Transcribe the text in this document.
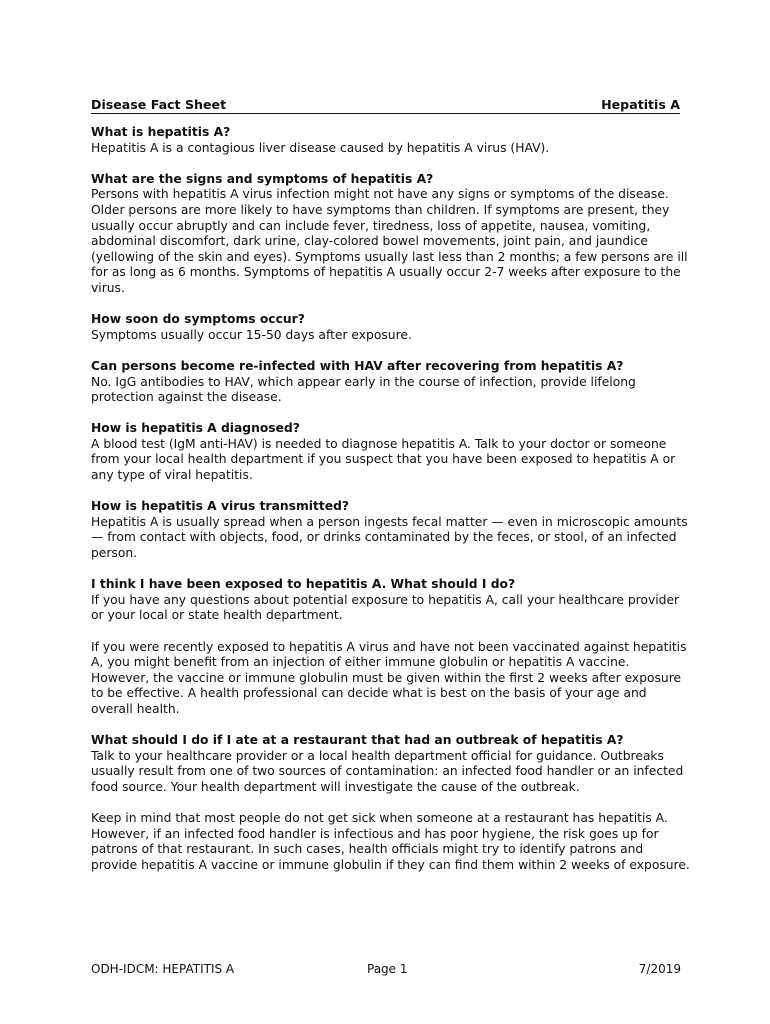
Disease Fact Sheet	Hepatitis A

What is hepatitis A?

Hepatitis A is a contagious liver disease caused by hepatitis A virus (HAV).

What are the signs and symptoms of hepatitis A?

Persons with hepatitis A virus infection might not have any signs or symptoms of the disease. Older persons are more likely to have symptoms than children. If symptoms are present, they usually occur abruptly and can include fever, tiredness, loss of appetite, nausea, vomiting, abdominal discomfort, dark urine, clay-colored bowel movements, joint pain, and jaundice (yellowing of the skin and eyes). Symptoms usually last less than 2 months; a few persons are ill for as long as 6 months. Symptoms of hepatitis A usually occur 2-7 weeks after exposure to the virus.

How soon do symptoms occur?

Symptoms usually occur 15-50 days after exposure.

Can persons become re-infected with HAV after recovering from hepatitis A?

No. IgG antibodies to HAV, which appear early in the course of infection, provide lifelong protection against the disease.

How is hepatitis A diagnosed?

A blood test (IgM anti-HAV) is needed to diagnose hepatitis A. Talk to your doctor or someone from your local health department if you suspect that you have been exposed to hepatitis A or any type of viral hepatitis.

How is hepatitis A virus transmitted?

Hepatitis A is usually spread when a person ingests fecal matter — even in microscopic amounts — from contact with objects, food, or drinks contaminated by the feces, or stool, of an infected person.

I think I have been exposed to hepatitis A. What should I do?

If you have any questions about potential exposure to hepatitis A, call your healthcare provider or your local or state health department.

If you were recently exposed to hepatitis A virus and have not been vaccinated against hepatitis A, you might benefit from an injection of either immune globulin or hepatitis A vaccine. However, the vaccine or immune globulin must be given within the first 2 weeks after exposure to be effective. A health professional can decide what is best on the basis of your age and overall health.

What should I do if I ate at a restaurant that had an outbreak of hepatitis A?

Talk to your healthcare provider or a local health department official for guidance. Outbreaks usually result from one of two sources of contamination: an infected food handler or an infected food source. Your health department will investigate the cause of the outbreak.

Keep in mind that most people do not get sick when someone at a restaurant has hepatitis A. However, if an infected food handler is infectious and has poor hygiene, the risk goes up for patrons of that restaurant. In such cases, health officials might try to identify patrons and provide hepatitis A vaccine or immune globulin if they can find them within 2 weeks of exposure.

ODH-IDCM: HEPATITIS A	Page 1	7/2019
